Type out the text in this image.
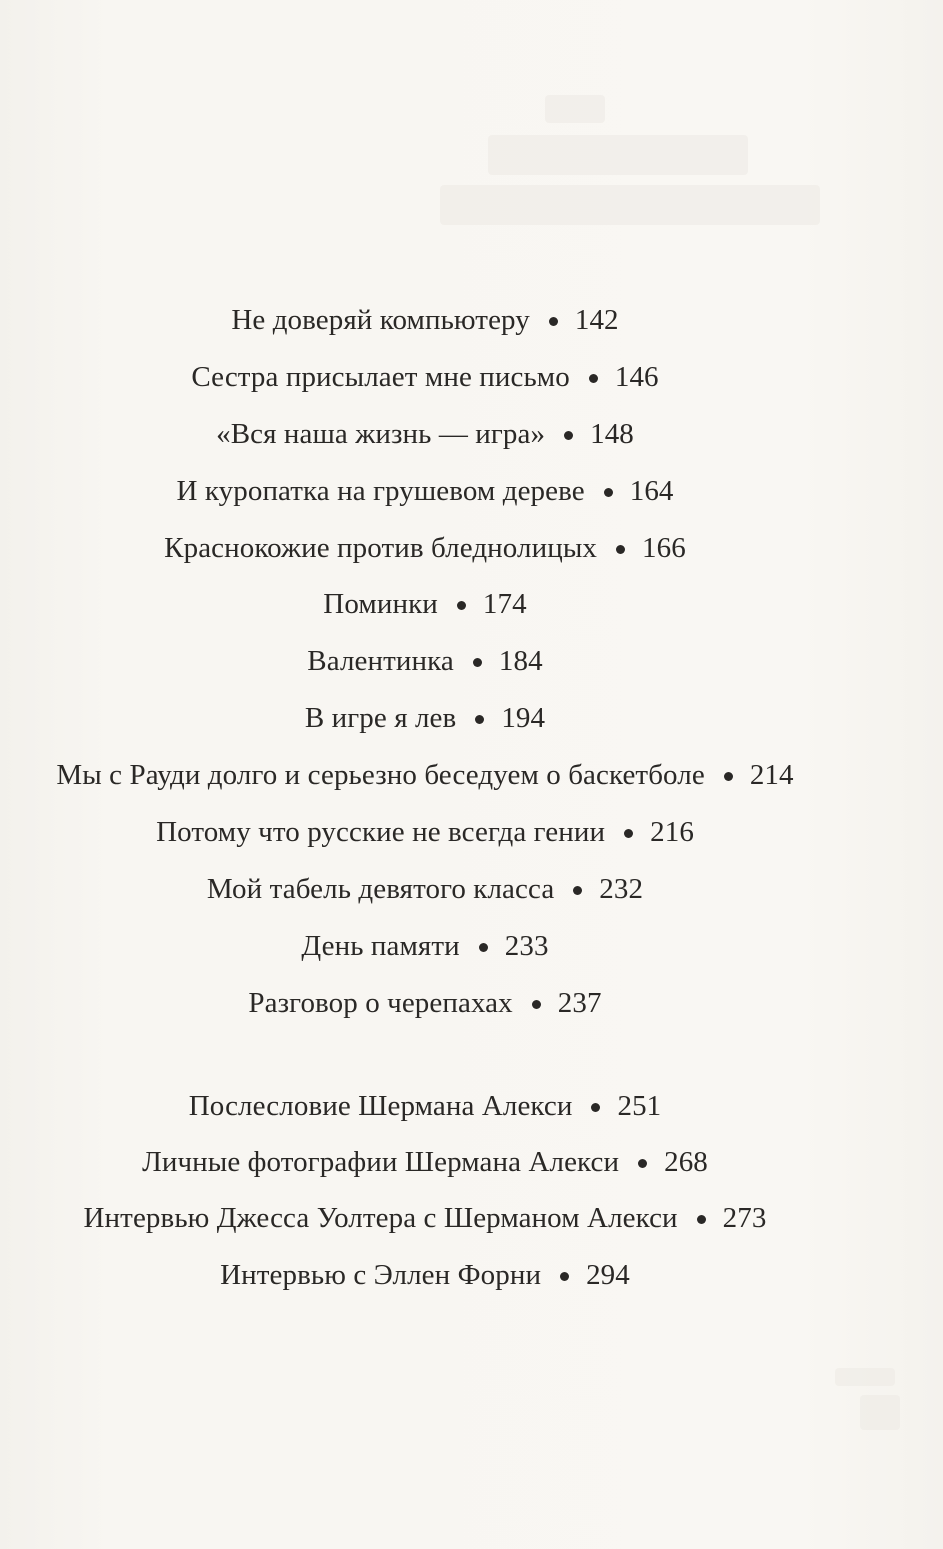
Не доверяй компьютеру 142
Сестра присылает мне письмо 146
«Вся наша жизнь — игра» 148
И куропатка на грушевом дереве 164
Краснокожие против бледнолицых 166
Поминки 174
Валентинка 184
В игре я лев 194
Мы с Рауди долго и серьезно беседуем о баскетболе 214
Потому что русские не всегда гении 216
Мой табель девятого класса 232
День памяти 233
Разговор о черепахах 237
Послесловие Шермана Алекси 251
Личные фотографии Шермана Алекси 268
Интервью Джесса Уолтера с Шерманом Алекси 273
Интервью с Эллен Форни 294
